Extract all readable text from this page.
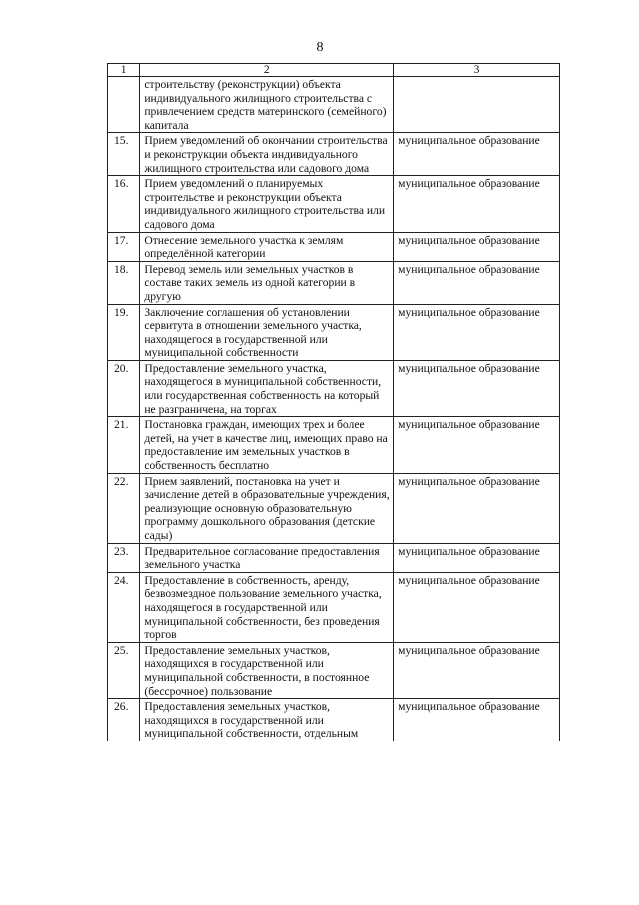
8
1	2	3
	строительству (реконструкции) объекта индивидуального жилищного строительства с привлечением средств материнского (семейного) капитала	
15.	Прием уведомлений об окончании строительства и реконструкции объекта индивидуального жилищного строительства или садового дома	муниципальное образование
16.	Прием уведомлений о планируемых строительстве и реконструкции объекта индивидуального жилищного строительства или садового дома	муниципальное образование
17.	Отнесение земельного участка к землям определённой категории	муниципальное образование
18.	Перевод земель или земельных участков в составе таких земель из одной категории в другую	муниципальное образование
19.	Заключение соглашения об установлении сервитута в отношении земельного участка, находящегося в государственной или муниципальной собственности	муниципальное образование
20.	Предоставление земельного участка, находящегося в муниципальной собственности, или государственная собственность на который не разграничена, на торгах	муниципальное образование
21.	Постановка граждан, имеющих трех и более детей, на учет в качестве лиц, имеющих право на предоставление им земельных участков в собственность бесплатно	муниципальное образование
22.	Прием заявлений, постановка на учет и зачисление детей в образовательные учреждения, реализующие основную образовательную программу дошкольного образования (детские сады)	муниципальное образование
23.	Предварительное согласование предоставления земельного участка	муниципальное образование
24.	Предоставление в собственность, аренду, безвозмездное пользование земельного участка, находящегося в государственной или муниципальной собственности, без проведения торгов	муниципальное образование
25.	Предоставление земельных участков, находящихся в государственной или муниципальной собственности, в постоянное (бессрочное) пользование	муниципальное образование
26.	Предоставления земельных участков, находящихся в государственной или муниципальной собственности, отдельным	муниципальное образование
